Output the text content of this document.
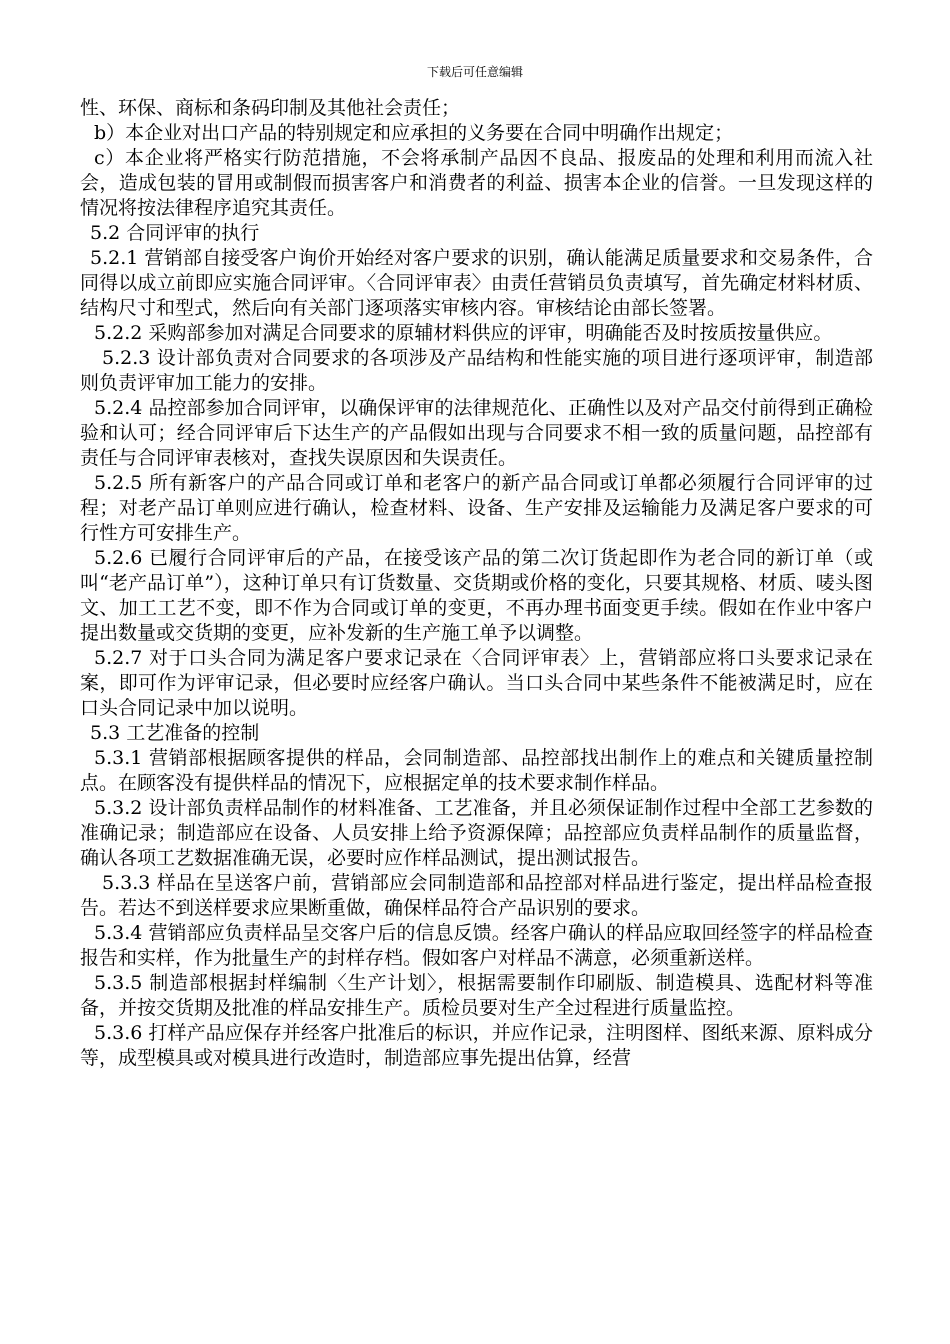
下载后可任意编辑

性、环保、商标和条码印制及其他社会责任；

b）本企业对出口产品的特别规定和应承担的义务要在合同中明确作出规定；

c）本企业将严格实行防范措施，不会将承制产品因不良品、报废品的处理和利用而流入社会，造成包装的冒用或制假而损害客户和消费者的利益、损害本企业的信誉。一旦发现这样的情况将按法律程序追究其责任。

5.2 合同评审的执行

5.2.1 营销部自接受客户询价开始经对客户要求的识别，确认能满足质量要求和交易条件，合同得以成立前即应实施合同评审。〈合同评审表〉由责任营销员负责填写，首先确定材料材质、结构尺寸和型式，然后向有关部门逐项落实审核内容。审核结论由部长签署。

5.2.2 采购部参加对满足合同要求的原辅材料供应的评审，明确能否及时按质按量供应。

5.2.3 设计部负责对合同要求的各项涉及产品结构和性能实施的项目进行逐项评审，制造部则负责评审加工能力的安排。

5.2.4 品控部参加合同评审，以确保评审的法律规范化、正确性以及对产品交付前得到正确检验和认可；经合同评审后下达生产的产品假如出现与合同要求不相一致的质量问题，品控部有责任与合同评审表核对，查找失误原因和失误责任。

5.2.5 所有新客户的产品合同或订单和老客户的新产品合同或订单都必须履行合同评审的过程；对老产品订单则应进行确认，检查材料、设备、生产安排及运输能力及满足客户要求的可行性方可安排生产。

5.2.6 已履行合同评审后的产品，在接受该产品的第二次订货起即作为老合同的新订单（或叫“老产品订单”），这种订单只有订货数量、交货期或价格的变化，只要其规格、材质、唛头图文、加工工艺不变，即不作为合同或订单的变更，不再办理书面变更手续。假如在作业中客户提出数量或交货期的变更，应补发新的生产施工单予以调整。

5.2.7 对于口头合同为满足客户要求记录在〈合同评审表〉上，营销部应将口头要求记录在案，即可作为评审记录，但必要时应经客户确认。当口头合同中某些条件不能被满足时，应在口头合同记录中加以说明。

5.3 工艺准备的控制

5.3.1 营销部根据顾客提供的样品，会同制造部、品控部找出制作上的难点和关键质量控制点。在顾客没有提供样品的情况下，应根据定单的技术要求制作样品。

5.3.2 设计部负责样品制作的材料准备、工艺准备，并且必须保证制作过程中全部工艺参数的准确记录；制造部应在设备、人员安排上给予资源保障；品控部应负责样品制作的质量监督，确认各项工艺数据准确无误，必要时应作样品测试，提出测试报告。

5.3.3 样品在呈送客户前，营销部应会同制造部和品控部对样品进行鉴定，提出样品检查报告。若达不到送样要求应果断重做，确保样品符合产品识别的要求。

5.3.4 营销部应负责样品呈交客户后的信息反馈。经客户确认的样品应取回经签字的样品检查报告和实样，作为批量生产的封样存档。假如客户对样品不满意，必须重新送样。

5.3.5 制造部根据封样编制〈生产计划〉，根据需要制作印刷版、制造模具、选配材料等准备，并按交货期及批准的样品安排生产。质检员要对生产全过程进行质量监控。

5.3.6 打样产品应保存并经客户批准后的标识，并应作记录，注明图样、图纸来源、原料成分等，成型模具或对模具进行改造时，制造部应事先提出估算，经营
